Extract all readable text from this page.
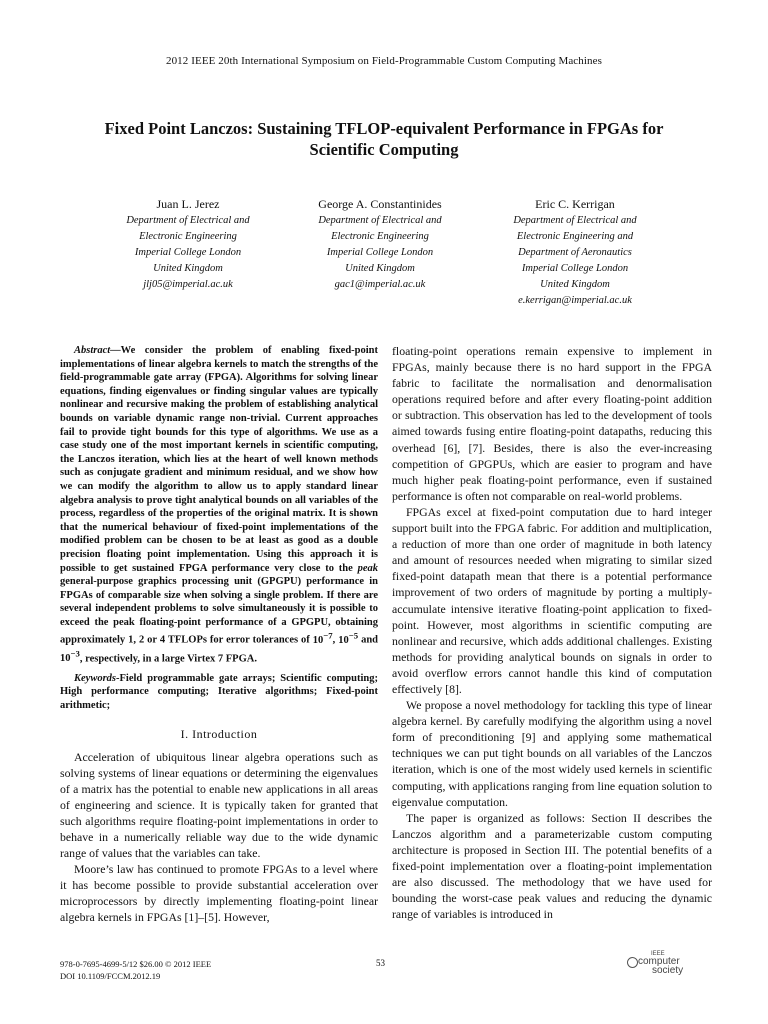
2012 IEEE 20th International Symposium on Field-Programmable Custom Computing Machines
Fixed Point Lanczos: Sustaining TFLOP-equivalent Performance in FPGAs for Scientific Computing
Juan L. Jerez
Department of Electrical and
Electronic Engineering
Imperial College London
United Kingdom
jlj05@imperial.ac.uk
George A. Constantinides
Department of Electrical and
Electronic Engineering
Imperial College London
United Kingdom
gac1@imperial.ac.uk
Eric C. Kerrigan
Department of Electrical and
Electronic Engineering and
Department of Aeronautics
Imperial College London
United Kingdom
e.kerrigan@imperial.ac.uk

Abstract—We consider the problem of enabling fixed-point implementations of linear algebra kernels to match the strengths of the field-programmable gate array (FPGA). Algorithms for solving linear equations, finding eigenvalues or finding singular values are typically nonlinear and recursive making the problem of establishing analytical bounds on variable dynamic range non-trivial. Current approaches fail to provide tight bounds for this type of algorithms. We use as a case study one of the most important kernels in scientific computing, the Lanczos iteration, which lies at the heart of well known methods such as conjugate gradient and minimum residual, and we show how we can modify the algorithm to allow us to apply standard linear algebra analysis to prove tight analytical bounds on all variables of the process, regardless of the properties of the original matrix. It is shown that the numerical behaviour of fixed-point implementations of the modified problem can be chosen to be at least as good as a double precision floating point implementation. Using this approach it is possible to get sustained FPGA performance very close to the peak general-purpose graphics processing unit (GPGPU) performance in FPGAs of comparable size when solving a single problem. If there are several independent problems to solve simultaneously it is possible to exceed the peak floating-point performance of a GPGPU, obtaining approximately 1, 2 or 4 TFLOPs for error tolerances of $10^{-7}$, $10^{-5}$ and $10^{-3}$, respectively, in a large Virtex 7 FPGA.

Keywords-Field programmable gate arrays; Scientific computing; High performance computing; Iterative algorithms; Fixed-point arithmetic;

I. Introduction

Acceleration of ubiquitous linear algebra operations such as solving systems of linear equations or determining the eigenvalues of a matrix has the potential to enable new applications in all areas of engineering and science. It is typically taken for granted that such algorithms require floating-point implementations in order to behave in a numerically reliable way due to the wide dynamic range of values that the variables can take.

Moore’s law has continued to promote FPGAs to a level where it has become possible to provide substantial acceleration over microprocessors by directly implementing floating-point linear algebra kernels in FPGAs [1]–[5]. However,

floating-point operations remain expensive to implement in FPGAs, mainly because there is no hard support in the FPGA fabric to facilitate the normalisation and denormalisation operations required before and after every floating-point addition or subtraction. This observation has led to the development of tools aimed towards fusing entire floating-point datapaths, reducing this overhead [6], [7]. Besides, there is also the ever-increasing competition of GPGPUs, which are easier to program and have much higher peak floating-point performance, even if sustained performance is often not comparable on real-world problems.

FPGAs excel at fixed-point computation due to hard integer support built into the FPGA fabric. For addition and multiplication, a reduction of more than one order of magnitude in both latency and amount of resources needed when migrating to similar sized fixed-point datapath mean that there is a potential performance improvement of two orders of magnitude by porting a multiply-accumulate intensive iterative floating-point application to fixed-point. However, most algorithms in scientific computing are nonlinear and recursive, which adds additional challenges. Existing methods for providing analytical bounds on signals in order to avoid overflow errors cannot handle this kind of computation effectively [8].

We propose a novel methodology for tackling this type of linear algebra kernel. By carefully modifying the algorithm using a novel form of preconditioning [9] and applying some mathematical techniques we can put tight bounds on all variables of the Lanczos iteration, which is one of the most widely used kernels in scientific computing, with applications ranging from line equation solution to eigenvalue computation.

The paper is organized as follows: Section II describes the Lanczos algorithm and a parameterizable custom computing architecture is proposed in Section III. The potential benefits of a fixed-point implementation over a floating-point implementation are also discussed. The methodology that we have used for bounding the worst-case peak values and reducing the dynamic range of variables is introduced in

978-0-7695-4699-5/12 $26.00 © 2012 IEEE
DOI 10.1109/FCCM.2012.19
53
IEEE
computer
society
